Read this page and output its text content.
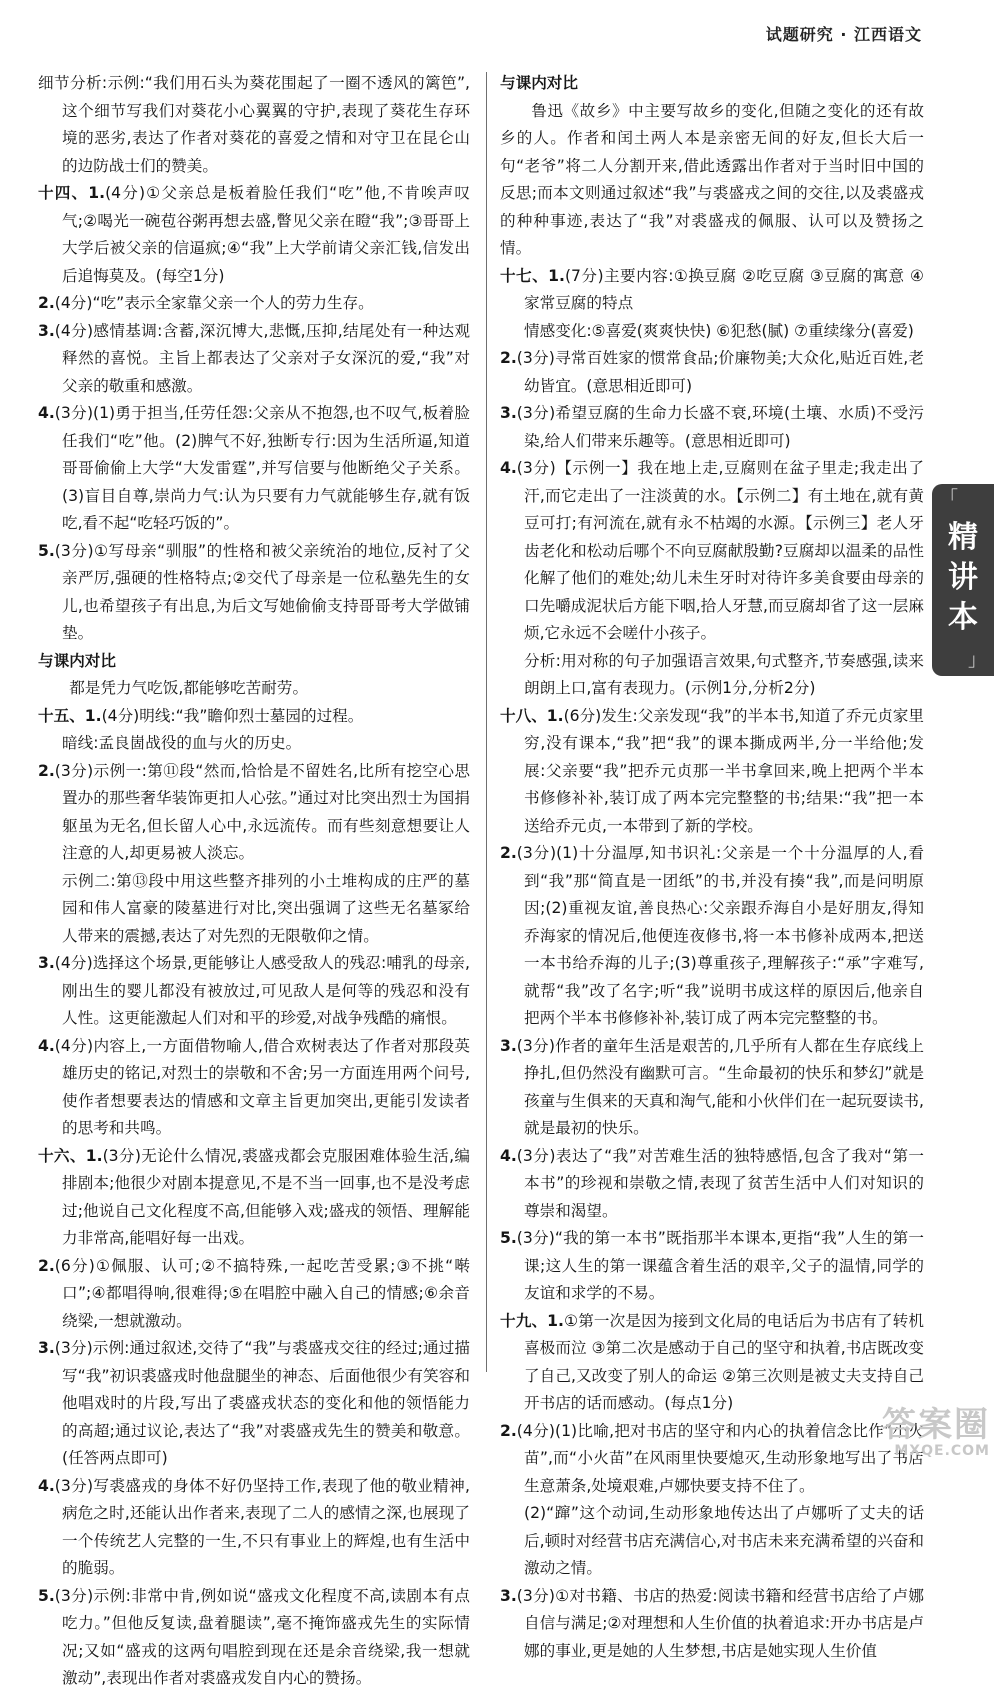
试题研究 · 江西语文

细节分析:示例:“我们用石头为葵花围起了一圈不透风的篱笆”,这个细节写我们对葵花小心翼翼的守护,表现了葵花生存环境的恶劣,表达了作者对葵花的喜爱之情和对守卫在昆仑山的边防战士们的赞美。

十四、1.(4分)①父亲总是板着脸任我们“吃”他,不肯唉声叹气;②喝光一碗苞谷粥再想去盛,瞥见父亲在瞪“我”;③哥哥上大学后被父亲的信逼疯;④“我”上大学前请父亲汇钱,信发出后追悔莫及。(每空1分)

2.(4分)“吃”表示全家靠父亲一个人的劳力生存。

3.(4分)感情基调:含蓄,深沉博大,悲慨,压抑,结尾处有一种达观释然的喜悦。主旨上都表达了父亲对子女深沉的爱,“我”对父亲的敬重和感激。

4.(3分)(1)勇于担当,任劳任怨:父亲从不抱怨,也不叹气,板着脸任我们“吃”他。(2)脾气不好,独断专行:因为生活所逼,知道哥哥偷偷上大学“大发雷霆”,并写信要与他断绝父子关系。(3)盲目自尊,崇尚力气:认为只要有力气就能够生存,就有饭吃,看不起“吃轻巧饭的”。

5.(3分)①写母亲“驯服”的性格和被父亲统治的地位,反衬了父亲严厉,强硬的性格特点;②交代了母亲是一位私塾先生的女儿,也希望孩子有出息,为后文写她偷偷支持哥哥考大学做铺垫。

与课内对比

都是凭力气吃饭,都能够吃苦耐劳。

十五、1.(4分)明线:“我”瞻仰烈士墓园的过程。

暗线:孟良崮战役的血与火的历史。

2.(3分)示例一:第⑪段“然而,恰恰是不留姓名,比所有挖空心思置办的那些奢华装饰更扣人心弦。”通过对比突出烈士为国捐躯虽为无名,但长留人心中,永远流传。而有些刻意想要让人注意的人,却更易被人淡忘。

示例二:第⑬段中用这些整齐排列的小土堆构成的庄严的墓园和伟人富豪的陵墓进行对比,突出强调了这些无名墓冢给人带来的震撼,表达了对先烈的无限敬仰之情。

3.(4分)选择这个场景,更能够让人感受敌人的残忍:哺乳的母亲,刚出生的婴儿都没有被放过,可见敌人是何等的残忍和没有人性。这更能激起人们对和平的珍爱,对战争残酷的痛恨。

4.(4分)内容上,一方面借物喻人,借合欢树表达了作者对那段英雄历史的铭记,对烈士的崇敬和不舍;另一方面连用两个问号,使作者想要表达的情感和文章主旨更加突出,更能引发读者的思考和共鸣。

十六、1.(3分)无论什么情况,裘盛戎都会克服困难体验生活,编排剧本;他很少对剧本提意见,不是不当一回事,也不是没考虑过;他说自己文化程度不高,但能够入戏;盛戎的领悟、理解能力非常高,能唱好每一出戏。

2.(6分)①佩服、认可;②不搞特殊,一起吃苦受累;③不挑“啭口”;④都唱得响,很难得;⑤在唱腔中融入自己的情感;⑥余音绕梁,一想就激动。

3.(3分)示例:通过叙述,交待了“我”与裘盛戎交往的经过;通过描写“我”初识裘盛戎时他盘腿坐的神态、后面他很少有笑容和他唱戏时的片段,写出了裘盛戎状态的变化和他的领悟能力的高超;通过议论,表达了“我”对裘盛戎先生的赞美和敬意。(任答两点即可)

4.(3分)写裘盛戎的身体不好仍坚持工作,表现了他的敬业精神,病危之时,还能认出作者来,表现了二人的感情之深,也展现了一个传统艺人完整的一生,不只有事业上的辉煌,也有生活中的脆弱。

5.(3分)示例:非常中肯,例如说“盛戎文化程度不高,读剧本有点吃力。”但他反复读,盘着腿读”,毫不掩饰盛戎先生的实际情况;又如“盛戎的这两句唱腔到现在还是余音绕梁,我一想就激动”,表现出作者对裘盛戎发自内心的赞扬。

与课内对比

鲁迅《故乡》中主要写故乡的变化,但随之变化的还有故乡的人。作者和闰土两人本是亲密无间的好友,但长大后一句“老爷”将二人分割开来,借此透露出作者对于当时旧中国的反思;而本文则通过叙述“我”与裘盛戎之间的交往,以及裘盛戎的种种事迹,表达了“我”对裘盛戎的佩服、认可以及赞扬之情。

十七、1.(7分)主要内容:①换豆腐 ②吃豆腐 ③豆腐的寓意 ④家常豆腐的特点

情感变化:⑤喜爱(爽爽快快) ⑥犯愁(腻) ⑦重续缘分(喜爱)

2.(3分)寻常百姓家的惯常食品;价廉物美;大众化,贴近百姓,老幼皆宜。(意思相近即可)

3.(3分)希望豆腐的生命力长盛不衰,环境(土壤、水质)不受污染,给人们带来乐趣等。(意思相近即可)

4.(3分)【示例一】我在地上走,豆腐则在盆子里走;我走出了汗,而它走出了一注淡黄的水。【示例二】有土地在,就有黄豆可打;有河流在,就有永不枯竭的水源。【示例三】老人牙齿老化和松动后哪个不向豆腐献殷勤?豆腐却以温柔的品性化解了他们的难处;幼儿未生牙时对待许多美食要由母亲的口先嚼成泥状后方能下咽,拾人牙慧,而豆腐却省了这一层麻烦,它永远不会嗟什小孩子。

分析:用对称的句子加强语言效果,句式整齐,节奏感强,读来朗朗上口,富有表现力。(示例1分,分析2分)

十八、1.(6分)发生:父亲发现“我”的半本书,知道了乔元贞家里穷,没有课本,“我”把“我”的课本撕成两半,分一半给他;发展:父亲要“我”把乔元贞那一半书拿回来,晚上把两个半本书修修补补,装订成了两本完完整整的书;结果:“我”把一本送给乔元贞,一本带到了新的学校。

2.(3分)(1)十分温厚,知书识礼:父亲是一个十分温厚的人,看到“我”那“简直是一团纸”的书,并没有揍“我”,而是问明原因;(2)重视友谊,善良热心:父亲跟乔海自小是好朋友,得知乔海家的情况后,他便连夜修书,将一本书修补成两本,把送一本书给乔海的儿子;(3)尊重孩子,理解孩子:“承”字难写,就帮“我”改了名字;听“我”说明书成这样的原因后,他亲自把两个半本书修修补补,装订成了两本完完整整的书。

3.(3分)作者的童年生活是艰苦的,几乎所有人都在生存底线上挣扎,但仍然没有幽默可言。“生命最初的快乐和梦幻”就是孩童与生俱来的天真和淘气,能和小伙伴们在一起玩耍读书,就是最初的快乐。

4.(3分)表达了“我”对苦难生活的独特感悟,包含了我对“第一本书”的珍视和崇敬之情,表现了贫苦生活中人们对知识的尊崇和渴望。

5.(3分)“我的第一本书”既指那半本课本,更指“我”人生的第一课;这人生的第一课蕴含着生活的艰辛,父子的温情,同学的友谊和求学的不易。

十九、1.①第一次是因为接到文化局的电话后为书店有了转机喜极而泣 ③第二次是感动于自己的坚守和执着,书店既改变了自己,又改变了别人的命运 ②第三次则是被丈夫支持自己开书店的话而感动。(每点1分)

2.(4分)(1)比喻,把对书店的坚守和内心的执着信念比作“小火苗”,而“小火苗”在风雨里快要熄灭,生动形象地写出了书店生意萧条,处境艰难,卢娜快要支持不住了。

(2)“蹿”这个动词,生动形象地传达出了卢娜听了丈夫的话后,顿时对经营书店充满信心,对书店未来充满希望的兴奋和激动之情。

3.(3分)①对书籍、书店的热爱:阅读书籍和经营书店给了卢娜自信与满足;②对理想和人生价值的执着追求:开办书店是卢娜的事业,更是她的人生梦想,书店是她实现人生价值

「
精
讲
本
」
答案圈
MXQE.COM
